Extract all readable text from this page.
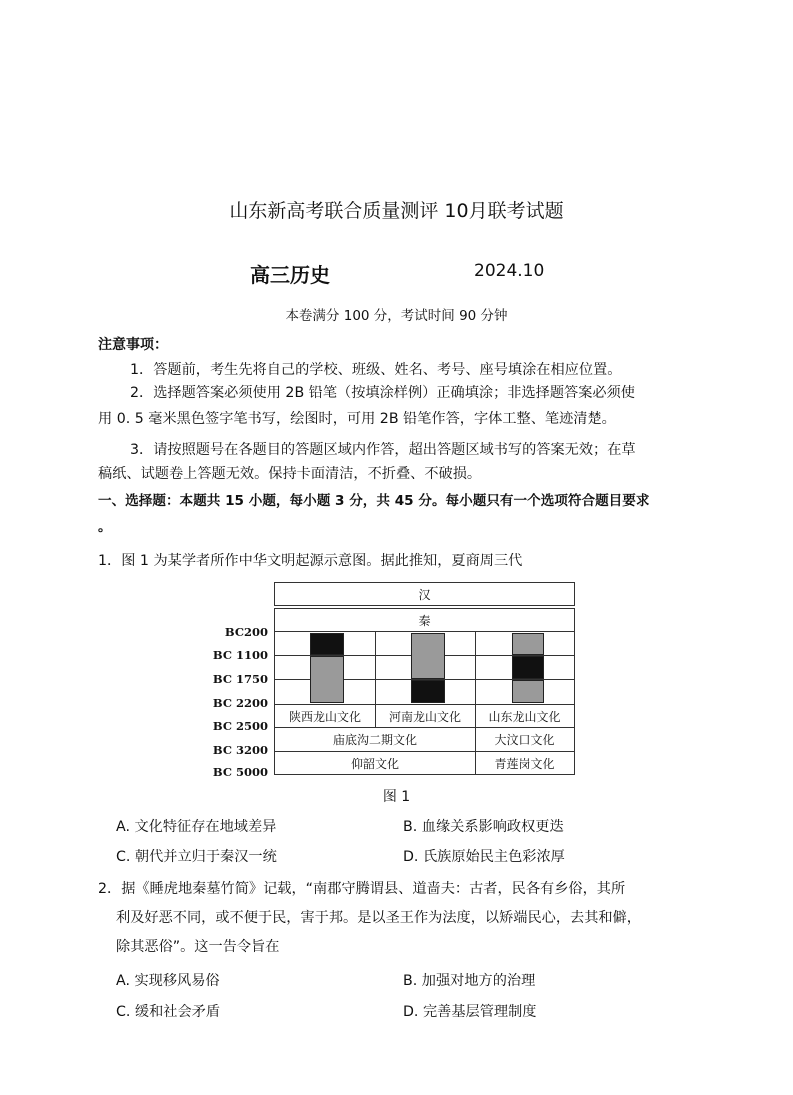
山东新高考联合质量测评 10月联考试题
高三历史	2024.10
本卷满分 100 分，考试时间 90 分钟
注意事项：
1．答题前，考生先将自己的学校、班级、姓名、考号、座号填涂在相应位置。
2．选择题答案必须使用 2B 铅笔（按填涂样例）正确填涂；非选择题答案必须使
用 0. 5 毫米黑色签字笔书写，绘图时，可用 2B 铅笔作答，字体工整、笔迹清楚。
3．请按照题号在各题目的答题区域内作答，超出答题区域书写的答案无效；在草
稿纸、试题卷上答题无效。保持卡面清洁，不折叠、不破损。
一、选择题：本题共 15 小题，每小题 3 分，共 45 分。每小题只有一个选项符合题目要求
。
1．图 1 为某学者所作中华文明起源示意图。据此推知，夏商周三代
汉
秦
陕西龙山文化	河南龙山文化	山东龙山文化
庙底沟二期文化	大汶口文化
仰韶文化	青莲岗文化
BC200
BC 1100
BC 1750
BC 2200
BC 2500
BC 3200
BC 5000
图 1
A. 文化特征存在地域差异	B. 血缘关系影响政权更迭
C. 朝代并立归于秦汉一统	D. 氏族原始民主色彩浓厚
2．据《睡虎地秦墓竹简》记载，“南郡守腾谓县、道啬夫：古者，民各有乡俗，其所
利及好恶不同，或不便于民，害于邦。是以圣王作为法度，以矫端民心，去其和僻，
除其恶俗”。这一告令旨在
A. 实现移风易俗	B. 加强对地方的治理
C. 缓和社会矛盾	D. 完善基层管理制度
